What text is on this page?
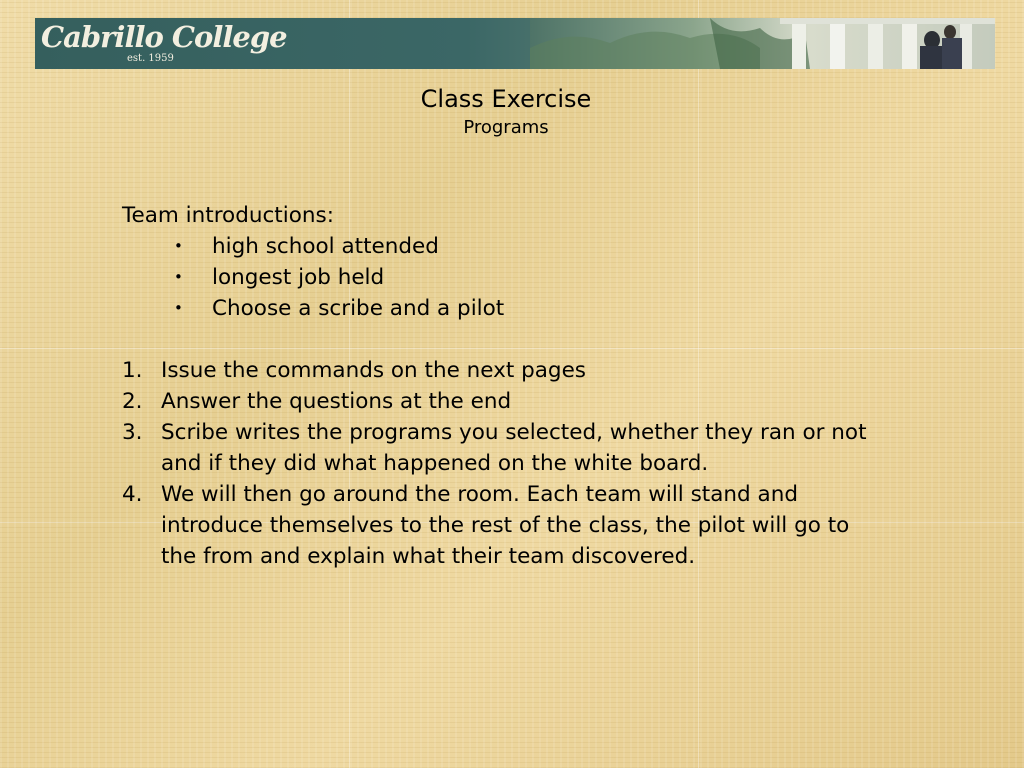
Cabrillo College
est. 1959
Class Exercise
Programs

Team introductions:

• high school attended
• longest job held
• Choose a scribe and a pilot
1. Issue the commands on the next pages
2. Answer the questions at the end
3. Scribe writes the programs you selected, whether they ran or not and if they did what happened on the white board.
4. We will then go around the room. Each team will stand and introduce themselves to the rest of the class, the pilot will go to the from and explain what their team discovered.
